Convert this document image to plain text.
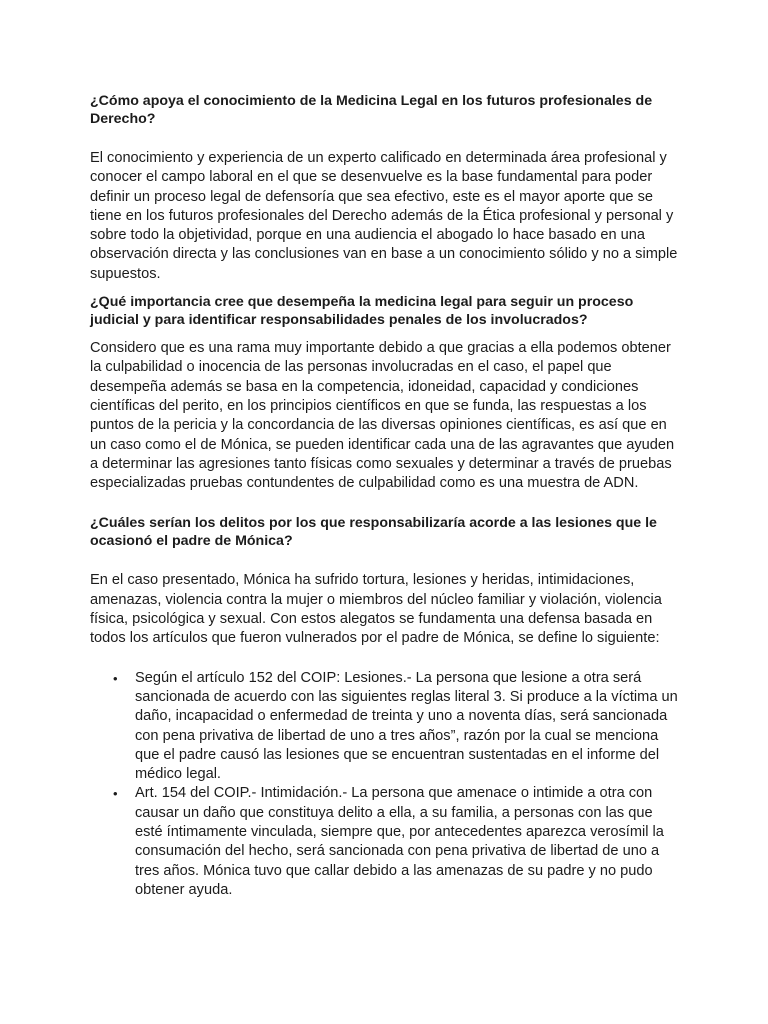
¿Cómo apoya el conocimiento de la Medicina Legal en los futuros profesionales de Derecho?

El conocimiento y experiencia de un experto calificado en determinada área profesional y conocer el campo laboral en el que se desenvuelve es la base fundamental para poder definir un proceso legal de defensoría que sea efectivo, este es el mayor aporte que se tiene en los futuros profesionales del Derecho además de la Ética profesional y personal y sobre todo la objetividad, porque en una audiencia el abogado lo hace basado en una observación directa y las conclusiones van en base a un conocimiento sólido y no a simple supuestos.

¿Qué importancia cree que desempeña la medicina legal para seguir un proceso judicial y para identificar responsabilidades penales de los involucrados?

Considero que es una rama muy importante debido a que gracias a ella podemos obtener la culpabilidad o inocencia de las personas involucradas en el caso, el papel que desempeña además se basa en la competencia, idoneidad, capacidad y condiciones científicas del perito, en los principios científicos en que se funda, las respuestas a los puntos de la pericia y la concordancia de las diversas opiniones científicas, es así que en un caso como el de Mónica, se pueden identificar cada una de las agravantes que ayuden a determinar las agresiones tanto físicas como sexuales y determinar a través de pruebas especializadas pruebas contundentes de culpabilidad como es una muestra de ADN.

¿Cuáles serían los delitos por los que responsabilizaría acorde a las lesiones que le ocasionó el padre de Mónica?

En el caso presentado, Mónica ha sufrido tortura, lesiones y heridas, intimidaciones, amenazas, violencia contra la mujer o miembros del núcleo familiar y violación, violencia física, psicológica y sexual. Con estos alegatos se fundamenta una defensa basada en todos los artículos que fueron vulnerados por el padre de Mónica, se define lo siguiente:

• Según el artículo 152 del COIP: Lesiones.- La persona que lesione a otra será sancionada de acuerdo con las siguientes reglas literal 3. Si produce a la víctima un daño, incapacidad o enfermedad de treinta y uno a noventa días, será sancionada con pena privativa de libertad de uno a tres años”, razón por la cual se menciona que el padre causó las lesiones que se encuentran sustentadas en el informe del médico legal.
• Art. 154 del COIP.- Intimidación.- La persona que amenace o intimide a otra con causar un daño que constituya delito a ella, a su familia, a personas con las que esté íntimamente vinculada, siempre que, por antecedentes aparezca verosímil la consumación del hecho, será sancionada con pena privativa de libertad de uno a tres años. Mónica tuvo que callar debido a las amenazas de su padre y no pudo obtener ayuda.
